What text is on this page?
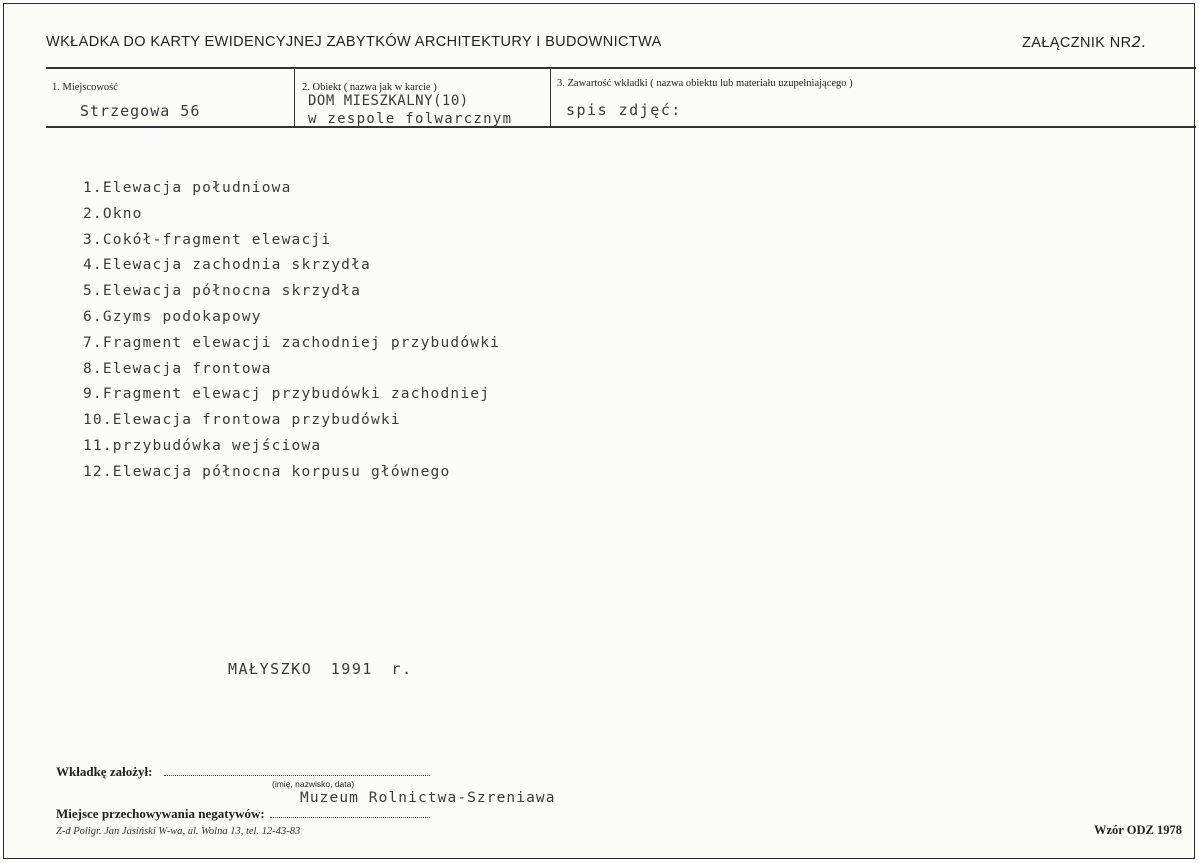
WKŁADKA DO KARTY EWIDENCYJNEJ ZABYTKÓW ARCHITEKTURY I BUDOWNICTWA	ZAŁĄCZNIK NR2.
1. Miejscowość
Strzegowa 56
2. Obiekt ( nazwa jak w karcie )
DOM MIESZKALNY(10)
w zespole folwarcznym
3. Zawartość wkładki ( nazwa obiektu lub materiału uzupełniającego )
spis zdjęć:
1.Elewacja południowa
2.Okno
3.Cokół-fragment elewacji
4.Elewacja zachodnia skrzydła
5.Elewacja północna skrzydła
6.Gzyms podokapowy
7.Fragment elewacji zachodniej przybudówki
8.Elewacja frontowa
9.Fragment elewacj przybudówki zachodniej
10.Elewacja frontowa przybudówki
11.przybudówka wejściowa
12.Elewacja północna korpusu głównego
MAŁYSZKO 1991 r.
Wkładkę założył:
(imię, nazwisko, data)
Muzeum Rolnictwa-Szreniawa
Miejsce przechowywania negatywów:
Z-d Poligr. Jan Jasiński W-wa, ul. Wolna 13, tel. 12-43-83	Wzór ODZ 1978
